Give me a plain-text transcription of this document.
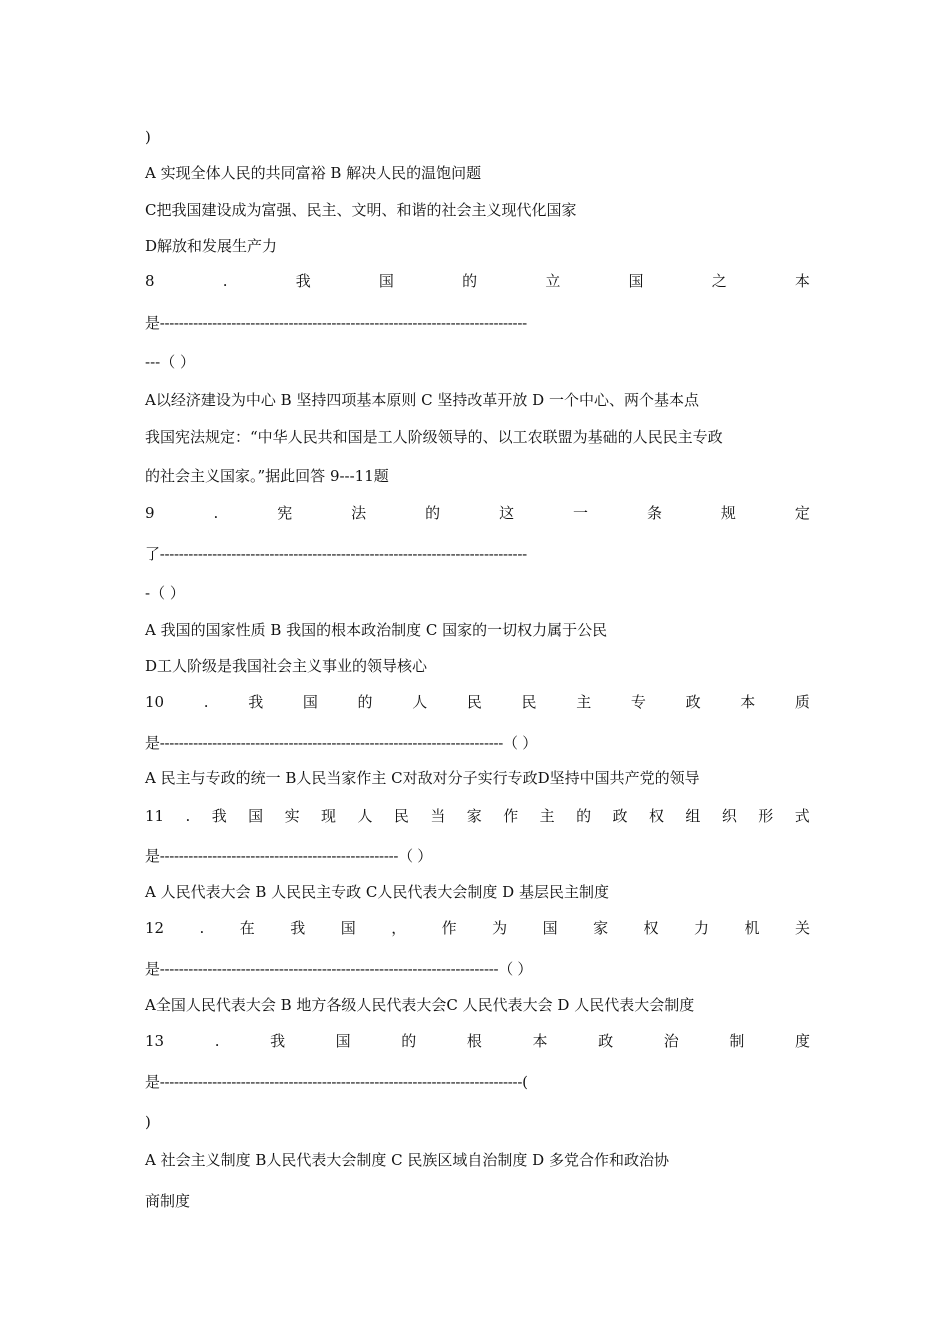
)
A 实现全体人民的共同富裕 B 解决人民的温饱问题
C把我国建设成为富强、民主、文明、和谐的社会主义现代化国家
D解放和发展生产力
8	.	我	国	的	立	国	之	本
是-----------------------------------------------------------------------------
---（ ）
A以经济建设为中心 B 坚持四项基本原则 C 坚持改革开放 D 一个中心、两个基本点
我国宪法规定：“中华人民共和国是工人阶级领导的、以工农联盟为基础的人民民主专政
的社会主义国家。”据此回答 9---11题
9	.	宪	法	的	这	一	条	规	定
了-----------------------------------------------------------------------------
-（ ）
A 我国的国家性质 B 我国的根本政治制度 C 国家的一切权力属于公民
D工人阶级是我国社会主义事业的领导核心
10	.	我	国	的	人	民	民	主	专	政	本	质
是------------------------------------------------------------------------（ ）
A 民主与专政的统一 B人民当家作主 C对敌对分子实行专政D坚持中国共产党的领导
11 . 我 国 实 现 人 民 当 家 作 主 的 政 权 组 织 形 式
是--------------------------------------------------（ ）
A 人民代表大会 B 人民民主专政 C人民代表大会制度 D 基层民主制度
12 . 在 我 国 ， 作 为 国 家 权 力 机 关
是-----------------------------------------------------------------------（ ）
A全国人民代表大会 B 地方各级人民代表大会C 人民代表大会 D 人民代表大会制度
13	.	我	国	的	根	本	政	治	制	度
是----------------------------------------------------------------------------(
)
A 社会主义制度 B人民代表大会制度 C 民族区域自治制度 D 多党合作和政治协
商制度
